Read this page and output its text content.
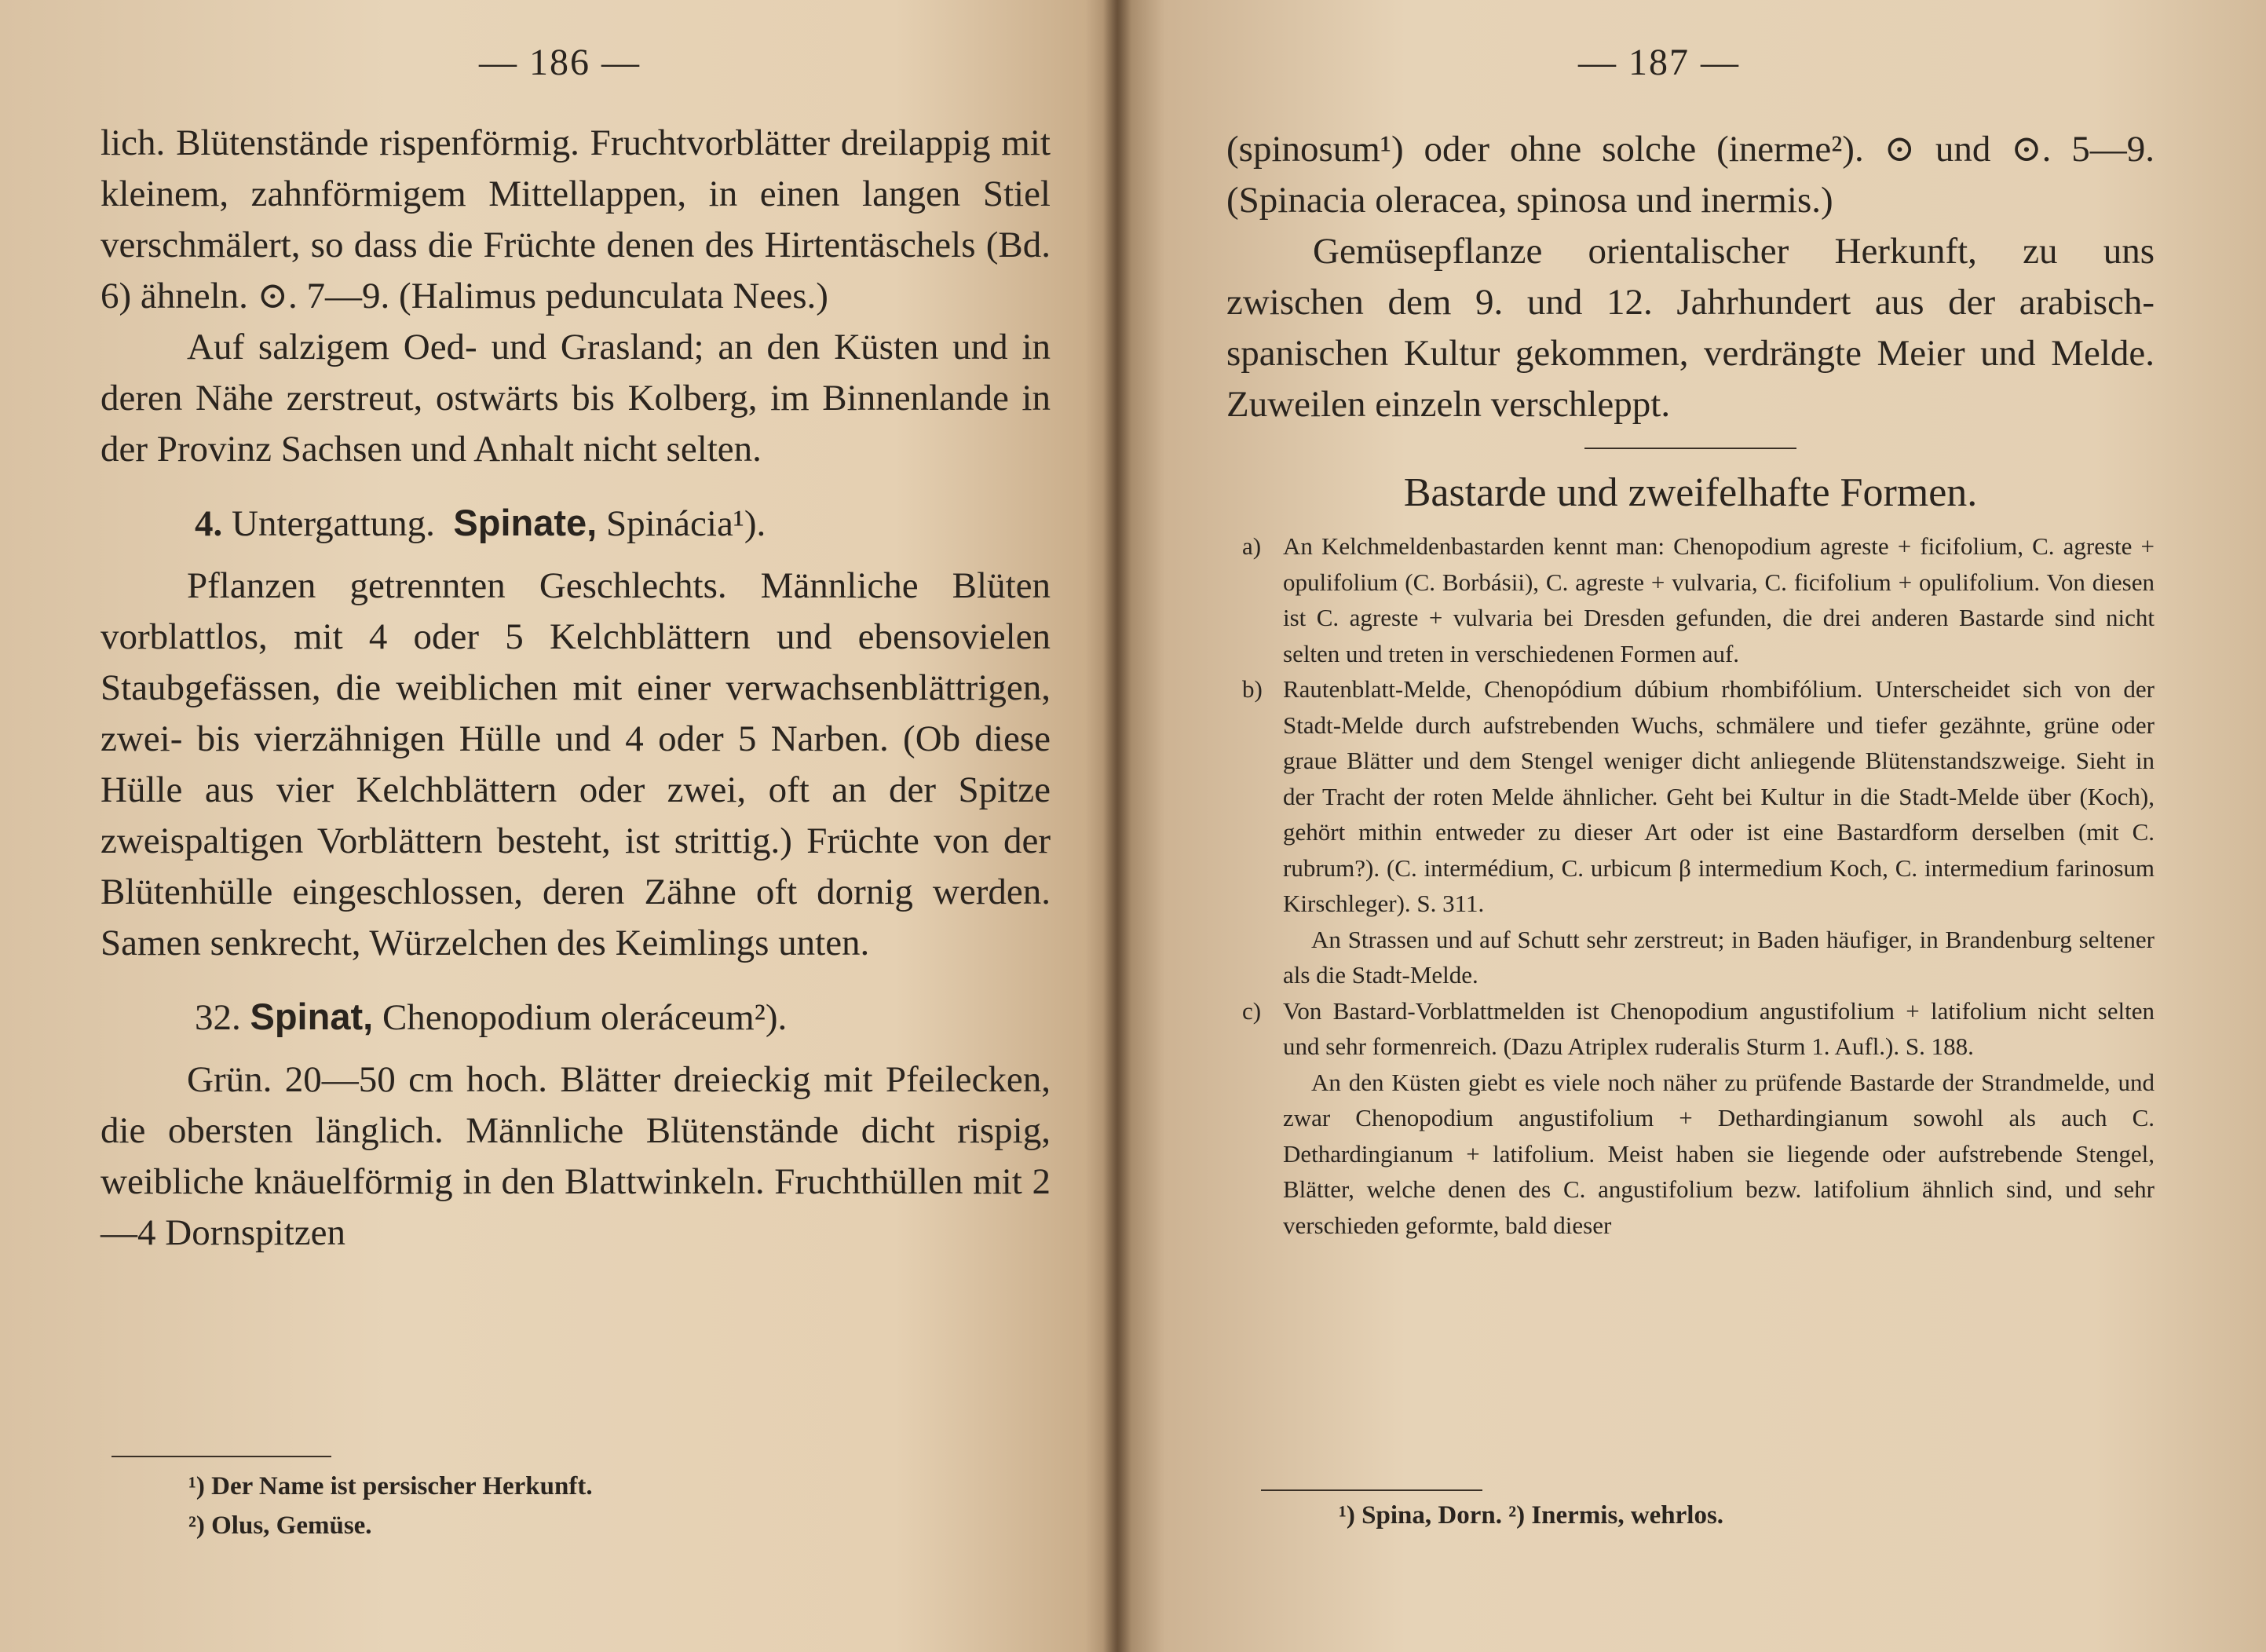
— 186 —

lich. Blütenstände rispenförmig. Fruchtvorblätter dreilappig mit kleinem, zahnförmigem Mittellappen, in einen langen Stiel verschmälert, so dass die Früchte denen des Hirtentäschels (Bd. 6) ähneln. ⊙. 7—9. (Halimus pedunculata Nees.)

Auf salzigem Oed- und Grasland; an den Küsten und in deren Nähe zerstreut, ostwärts bis Kolberg, im Binnenlande in der Provinz Sachsen und Anhalt nicht selten.

4. Untergattung. Spinate, Spinácia¹).

Pflanzen getrennten Geschlechts. Männliche Blüten vorblattlos, mit 4 oder 5 Kelchblättern und ebensovielen Staubgefässen, die weiblichen mit einer verwachsenblättrigen, zwei- bis vierzähnigen Hülle und 4 oder 5 Narben. (Ob diese Hülle aus vier Kelchblättern oder zwei, oft an der Spitze zweispaltigen Vorblättern besteht, ist strittig.) Früchte von der Blütenhülle eingeschlossen, deren Zähne oft dornig werden. Samen senkrecht, Würzelchen des Keimlings unten.

32. Spinat, Chenopodium oleráceum²).

Grün. 20—50 cm hoch. Blätter dreieckig mit Pfeilecken, die obersten länglich. Männliche Blütenstände dicht rispig, weibliche knäuelförmig in den Blattwinkeln. Fruchthüllen mit 2—4 Dornspitzen

¹) Der Name ist persischer Herkunft.

²) Olus, Gemüse.

— 187 —

(spinosum¹) oder ohne solche (inerme²). ⊙ und ⊙. 5—9. (Spinacia oleracea, spinosa und inermis.)

Gemüsepflanze orientalischer Herkunft, zu uns zwischen dem 9. und 12. Jahrhundert aus der arabisch-spanischen Kultur gekommen, verdrängte Meier und Melde. Zuweilen einzeln verschleppt.

Bastarde und zweifelhafte Formen.

a) An Kelchmeldenbastarden kennt man: Chenopodium agreste + ficifolium, C. agreste + opulifolium (C. Borbásii), C. agreste + vulvaria, C. ficifolium + opulifolium. Von diesen ist C. agreste + vulvaria bei Dresden gefunden, die drei anderen Bastarde sind nicht selten und treten in verschiedenen Formen auf.

b) Rautenblatt-Melde, Chenopódium dúbium rhombifólium. Unterscheidet sich von der Stadt-Melde durch aufstrebenden Wuchs, schmälere und tiefer gezähnte, grüne oder graue Blätter und dem Stengel weniger dicht anliegende Blütenstandszweige. Sieht in der Tracht der roten Melde ähnlicher. Geht bei Kultur in die Stadt-Melde über (Koch), gehört mithin entweder zu dieser Art oder ist eine Bastardform derselben (mit C. rubrum?). (C. intermédium, C. urbicum β intermedium Koch, C. intermedium farinosum Kirschleger). S. 311.

An Strassen und auf Schutt sehr zerstreut; in Baden häufiger, in Brandenburg seltener als die Stadt-Melde.

c) Von Bastard-Vorblattmelden ist Chenopodium angustifolium + latifolium nicht selten und sehr formenreich. (Dazu Atriplex ruderalis Sturm 1. Aufl.). S. 188.

An den Küsten giebt es viele noch näher zu prüfende Bastarde der Strandmelde, und zwar Chenopodium angustifolium + Dethardingianum sowohl als auch C. Dethardingianum + latifolium. Meist haben sie liegende oder aufstrebende Stengel, Blätter, welche denen des C. angustifolium bezw. latifolium ähnlich sind, und sehr verschieden geformte, bald dieser

¹) Spina, Dorn. ²) Inermis, wehrlos.
